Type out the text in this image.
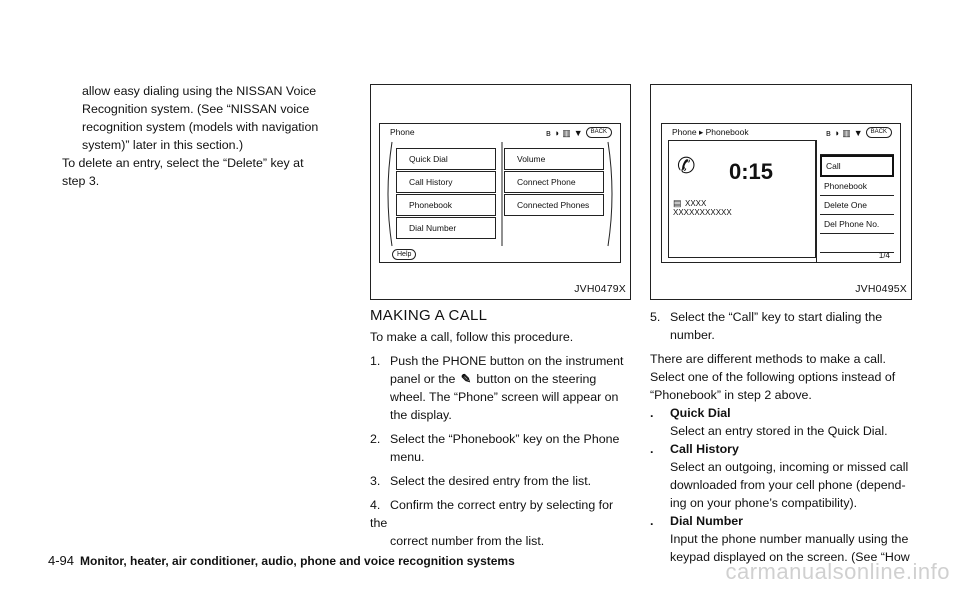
allow easy dialing using the NISSAN Voice

Recognition system. (See “NISSAN voice

recognition system (models with navigation

system)” later in this section.)

To delete an entry, select the “Delete” key at

step 3.

Phone	ʙ ◑ ▥ ▼	BACK
Quick Dial
Call History
Phonebook
Dial Number
Volume
Connect Phone
Connected Phones
Help
JVH0479X
Phone ▸ Phonebook	ʙ ◑ ▥ ▼	BACK
✆ 0:15
▤ XXXX
XXXXXXXXXXX
Call
Phonebook
Delete One
Del Phone No.
1/4
JVH0495X
MAKING A CALL

To make a call, follow this procedure.

1. Push the PHONE button on the instrument
panel or the ✎ button on the steering
wheel. The “Phone” screen will appear on
the display.
2. Select the “Phonebook” key on the Phone
menu.
3. Select the desired entry from the list.
4. Confirm the correct entry by selecting for the
correct number from the list.
5. Select the “Call” key to start dialing the
number.

There are different methods to make a call.

Select one of the following options instead of

“Phonebook” in step 2 above.

. Quick Dial
Select an entry stored in the Quick Dial.
. Call History
Select an outgoing, incoming or missed call
downloaded from your cell phone (depend-
ing on your phone’s compatibility).
. Dial Number
Input the phone number manually using the
keypad displayed on the screen. (See “How
4-94 Monitor, heater, air conditioner, audio, phone and voice recognition systems	carmanualsonline.info
